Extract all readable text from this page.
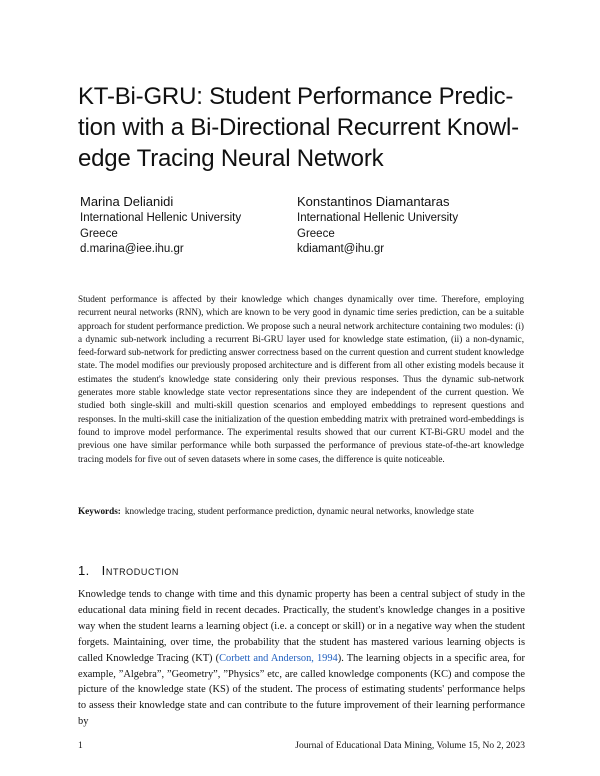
KT-Bi-GRU: Student Performance Predic-
tion with a Bi-Directional Recurrent Knowl-
edge Tracing Neural Network
Marina Delianidi
International Hellenic University
Greece
d.marina@iee.ihu.gr
Konstantinos Diamantaras
International Hellenic University
Greece
kdiamant@ihu.gr

Student performance is affected by their knowledge which changes dynamically over time. Therefore, employing recurrent neural networks (RNN), which are known to be very good in dynamic time series prediction, can be a suitable approach for student performance prediction. We propose such a neural network architecture containing two modules: (i) a dynamic sub-network including a recurrent Bi-GRU layer used for knowledge state estimation, (ii) a non-dynamic, feed-forward sub-network for predicting answer correctness based on the current question and current student knowledge state. The model modifies our previously proposed architecture and is different from all other existing models because it estimates the student's knowledge state considering only their previous responses. Thus the dynamic sub-network generates more stable knowledge state vector representations since they are independent of the current question. We studied both single-skill and multi-skill question scenarios and employed embeddings to represent questions and responses. In the multi-skill case the initialization of the question embedding matrix with pretrained word-embeddings is found to improve model performance. The experimental results showed that our current KT-Bi-GRU model and the previous one have similar performance while both surpassed the performance of previous state-of-the-art knowledge tracing models for five out of seven datasets where in some cases, the difference is quite noticeable.

Keywords: knowledge tracing, student performance prediction, dynamic neural networks, knowledge state

1. Introduction

Knowledge tends to change with time and this dynamic property has been a central subject of study in the educational data mining field in recent decades. Practically, the student's knowledge changes in a positive way when the student learns a learning object (i.e. a concept or skill) or in a negative way when the student forgets. Maintaining, over time, the probability that the student has mastered various learning objects is called Knowledge Tracing (KT) (Corbett and Anderson, 1994). The learning objects in a specific area, for example, ”Algebra”, ”Geometry”, ”Physics” etc, are called knowledge components (KC) and compose the picture of the knowledge state (KS) of the student. The process of estimating students' performance helps to assess their knowledge state and can contribute to the future improvement of their learning performance by

1	Journal of Educational Data Mining, Volume 15, No 2, 2023
